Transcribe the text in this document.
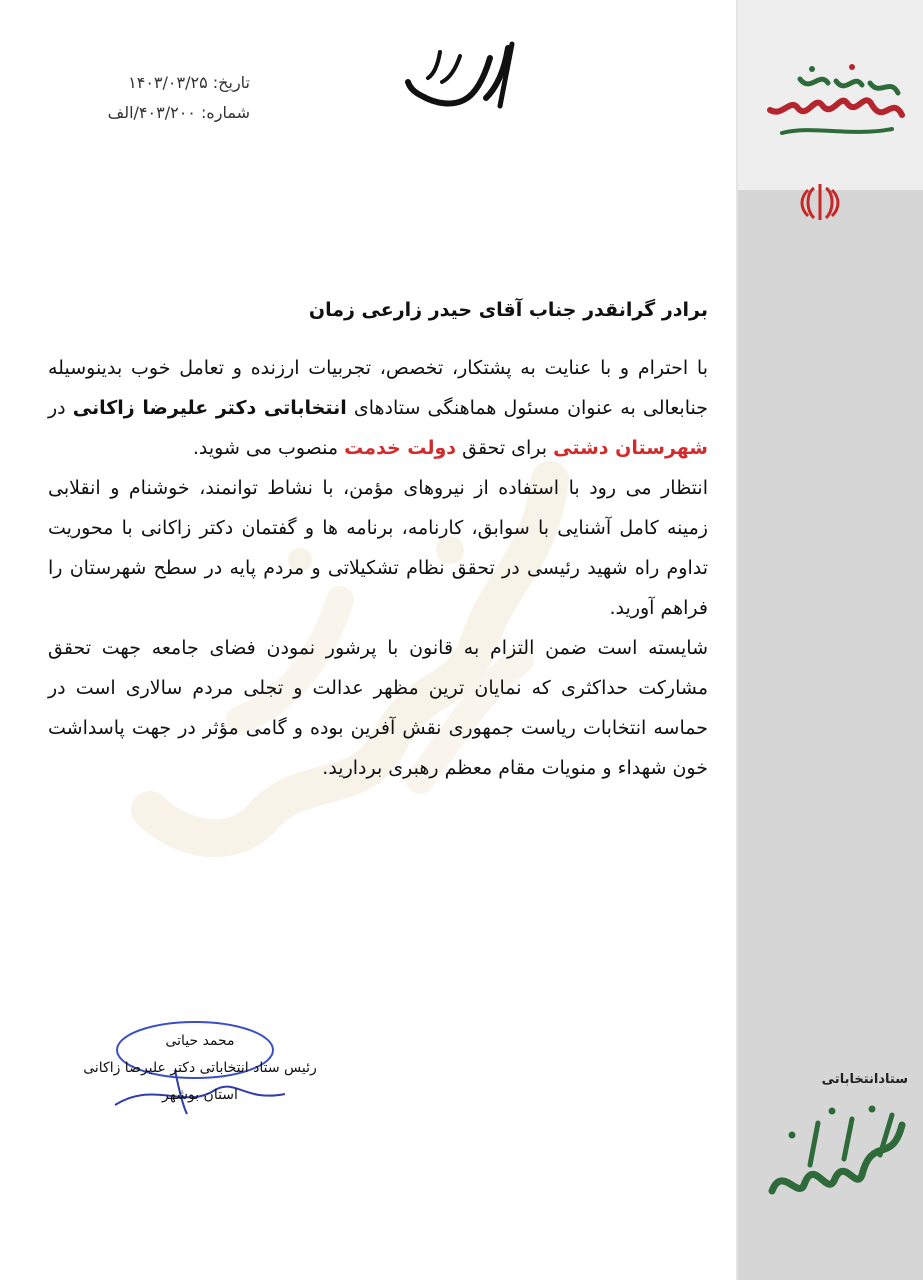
ستادانتخاباتی
تاریخ: ۱۴۰۳/۰۳/۲۵
شماره: ۴۰۳/۲۰۰/الف
برادر گرانقدر جناب آقای حیدر زارعی زمان
با احترام و با عنایت به پشتکار، تخصص، تجربیات ارزنده و تعامل خوب بدینوسیله جنابعالی به عنوان مسئول هماهنگی ستادهای انتخاباتی دکتر علیرضا زاکانی در شهرستان دشتی برای تحقق دولت خدمت منصوب می شوید.
انتظار می رود با استفاده از نیروهای مؤمن، با نشاط توانمند، خوشنام و انقلابی زمینه کامل آشنایی با سوابق، کارنامه، برنامه ها و گفتمان دکتر زاکانی با محوریت تداوم راه شهید رئیسی در تحقق نظام تشکیلاتی و مردم پایه در سطح شهرستان را فراهم آورید.
شایسته است ضمن التزام به قانون با پرشور نمودن فضای جامعه جهت تحقق مشارکت حداکثری که نمایان ترین مظهر عدالت و تجلی مردم سالاری است در حماسه انتخابات ریاست جمهوری نقش آفرین بوده و گامی مؤثر در جهت پاسداشت خون شهداء و منویات مقام معظم رهبری بردارید.
محمد حیاتی
رئیس ستاد انتخاباتی دکتر علیرضا زاکانی
استان بوشهر
